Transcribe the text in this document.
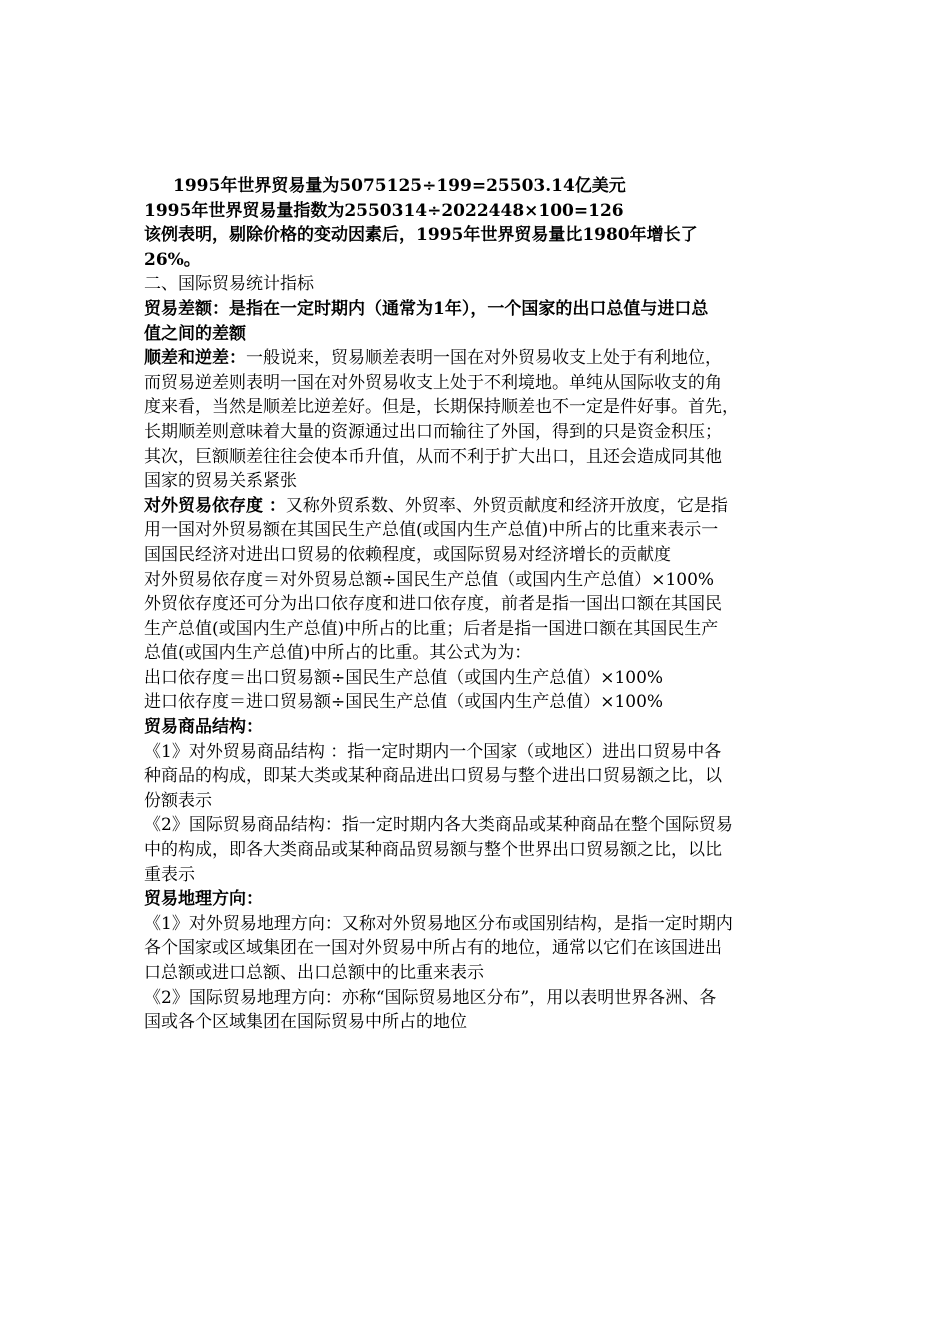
1995年世界贸易量为5075125÷199=25503.14亿美元
1995年世界贸易量指数为2550314÷2022448×100=126
该例表明，剔除价格的变动因素后，1995年世界贸易量比1980年增长了
26%。
二、国际贸易统计指标
贸易差额：是指在一定时期内（通常为1年），一个国家的出口总值与进口总
值之间的差额
顺差和逆差：一般说来，贸易顺差表明一国在对外贸易收支上处于有利地位，
而贸易逆差则表明一国在对外贸易收支上处于不利境地。单纯从国际收支的角
度来看，当然是顺差比逆差好。但是，长期保持顺差也不一定是件好事。首先，
长期顺差则意味着大量的资源通过出口而输往了外国，得到的只是资金积压；
其次，巨额顺差往往会使本币升值，从而不利于扩大出口，且还会造成同其他
国家的贸易关系紧张
对外贸易依存度 ：又称外贸系数、外贸率、外贸贡献度和经济开放度，它是指
用一国对外贸易额在其国民生产总值(或国内生产总值)中所占的比重来表示一
国国民经济对进出口贸易的依赖程度，或国际贸易对经济增长的贡献度
对外贸易依存度＝对外贸易总额÷国民生产总值（或国内生产总值）×100%
外贸依存度还可分为出口依存度和进口依存度，前者是指一国出口额在其国民
生产总值(或国内生产总值)中所占的比重；后者是指一国进口额在其国民生产
总值(或国内生产总值)中所占的比重。其公式为为：
出口依存度＝出口贸易额÷国民生产总值（或国内生产总值）×100%
进口依存度＝进口贸易额÷国民生产总值（或国内生产总值）×100%
贸易商品结构：
《1》对外贸易商品结构 ：指一定时期内一个国家（或地区）进出口贸易中各
种商品的构成，即某大类或某种商品进出口贸易与整个进出口贸易额之比，以
份额表示
《2》国际贸易商品结构：指一定时期内各大类商品或某种商品在整个国际贸易
中的构成，即各大类商品或某种商品贸易额与整个世界出口贸易额之比，以比
重表示
贸易地理方向：
《1》对外贸易地理方向：又称对外贸易地区分布或国别结构，是指一定时期内
各个国家或区域集团在一国对外贸易中所占有的地位，通常以它们在该国进出
口总额或进口总额、出口总额中的比重来表示
《2》国际贸易地理方向：亦称“国际贸易地区分布”，用以表明世界各洲、各
国或各个区域集团在国际贸易中所占的地位
